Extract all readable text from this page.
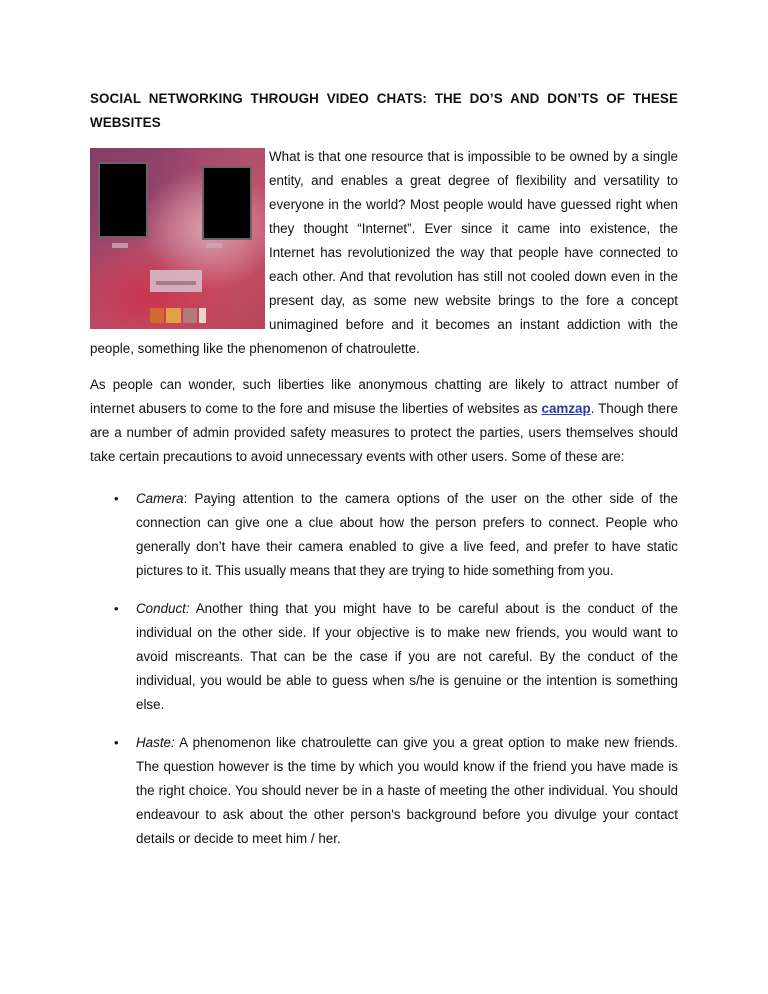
SOCIAL NETWORKING THROUGH VIDEO CHATS: THE DO’S AND DON’TS OF THESE WEBSITES

What is that one resource that is impossible to be owned by a single entity, and enables a great degree of flexibility and versatility to everyone in the world? Most people would have guessed right when they thought “Internet”. Ever since it came into existence, the Internet has revolutionized the way that people have connected to each other. And that revolution has still not cooled down even in the present day, as some new website brings to the fore a concept unimagined before and it becomes an instant addiction with the people, something like the phenomenon of chatroulette.

As people can wonder, such liberties like anonymous chatting are likely to attract number of internet abusers to come to the fore and misuse the liberties of websites as camzap. Though there are a number of admin provided safety measures to protect the parties, users themselves should take certain precautions to avoid unnecessary events with other users. Some of these are:

• Camera: Paying attention to the camera options of the user on the other side of the connection can give one a clue about how the person prefers to connect. People who generally don’t have their camera enabled to give a live feed, and prefer to have static pictures to it. This usually means that they are trying to hide something from you.
• Conduct: Another thing that you might have to be careful about is the conduct of the individual on the other side. If your objective is to make new friends, you would want to avoid miscreants. That can be the case if you are not careful. By the conduct of the individual, you would be able to guess when s/he is genuine or the intention is something else.
• Haste: A phenomenon like chatroulette can give you a great option to make new friends. The question however is the time by which you would know if the friend you have made is the right choice. You should never be in a haste of meeting the other individual. You should endeavour to ask about the other person's background before you divulge your contact details or decide to meet him / her.
